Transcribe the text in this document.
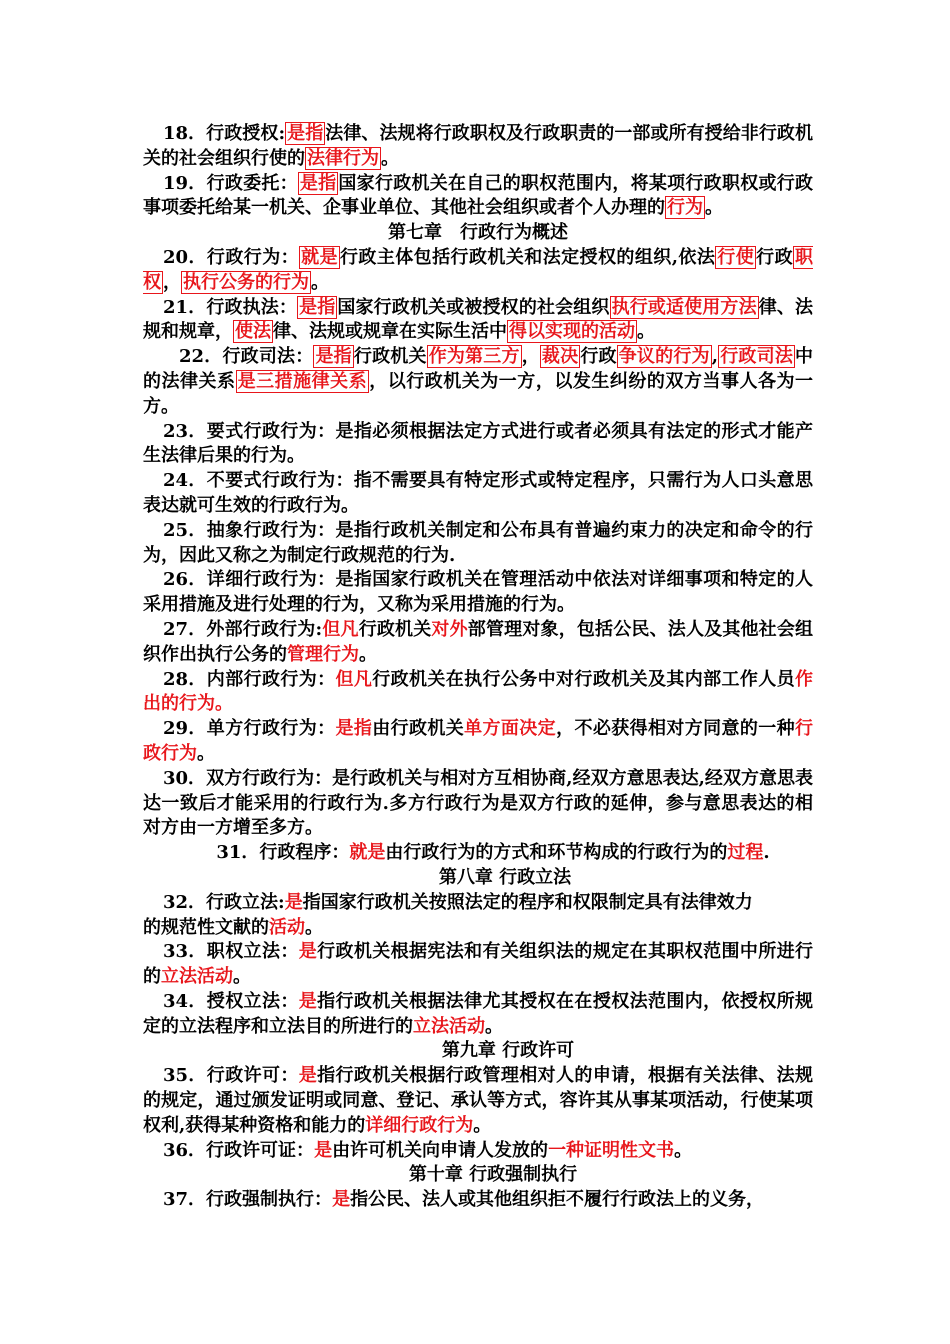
18．行政授权: 是指 法律、法规将行政职权及行政职责的一部或所有授给非行政机关的社会组织行使的 法律行为 。

19．行政委托： 是指 国家行政机关在自己的职权范围内，将某项行政职权或行政事项委托给某一机关、企事业单位、其他社会组织或者个人办理的 行为 。

第七章　行政行为概述

20．行政行为： 就是 行政主体包括行政机关和法定授权的组织,依法 行使 行政 职权 ， 执行公务的行为 。

21．行政执法： 是指 国家行政机关或被授权的社会组织 执行或适使用方法 律、法规和规章， 使法 律、法规或规章在实际生活中 得以实现的活动 。

22．行政司法： 是指 行政机关 作为第三方 ， 裁决 行政 争议的行为 , 行政司法 中的法律关系 是三措施律关系 ，以行政机关为一方，以发生纠纷的双方当事人各为一方。

23．要式行政行为：是指必须根据法定方式进行或者必须具有法定的形式才能产生法律后果的行为。

24．不要式行政行为：指不需要具有特定形式或特定程序，只需行为人口头意思表达就可生效的行政行为。

25．抽象行政行为：是指行政机关制定和公布具有普遍约束力的决定和命令的行为，因此又称之为制定行政规范的行为.

26．详细行政行为：是指国家行政机关在管理活动中依法对详细事项和特定的人采用措施及进行处理的行为，又称为采用措施的行为。

27．外部行政行为:但凡行政机关对外部管理对象，包括公民、法人及其他社会组织作出执行公务的管理行为。

28．内部行政行为：但凡行政机关在执行公务中对行政机关及其内部工作人员作出的行为。

29．单方行政行为：是指由行政机关单方面决定，不必获得相对方同意的一种行政行为。

30．双方行政行为：是行政机关与相对方互相协商,经双方意思表达,经双方意思表达一致后才能采用的行政行为.多方行政行为是双方行政的延伸，参与意思表达的相对方由一方增至多方。

31．行政程序：就是由行政行为的方式和环节构成的行政行为的过程.

第八章 行政立法

32．行政立法:是指国家行政机关按照法定的程序和权限制定具有法律效力

的规范性文献的活动。

33．职权立法：是行政机关根据宪法和有关组织法的规定在其职权范围中所进行的立法活动。

34．授权立法：是指行政机关根据法律尤其授权在在授权法范围内，依授权所规定的立法程序和立法目的所进行的立法活动。

第九章 行政许可

35．行政许可：是指行政机关根据行政管理相对人的申请，根据有关法律、法规的规定，通过颁发证明或同意、登记、承认等方式，容许其从事某项活动，行使某项权利,获得某种资格和能力的详细行政行为。

36．行政许可证：是由许可机关向申请人发放的一种证明性文书。

第十章 行政强制执行

37．行政强制执行：是指公民、法人或其他组织拒不履行行政法上的义务，
